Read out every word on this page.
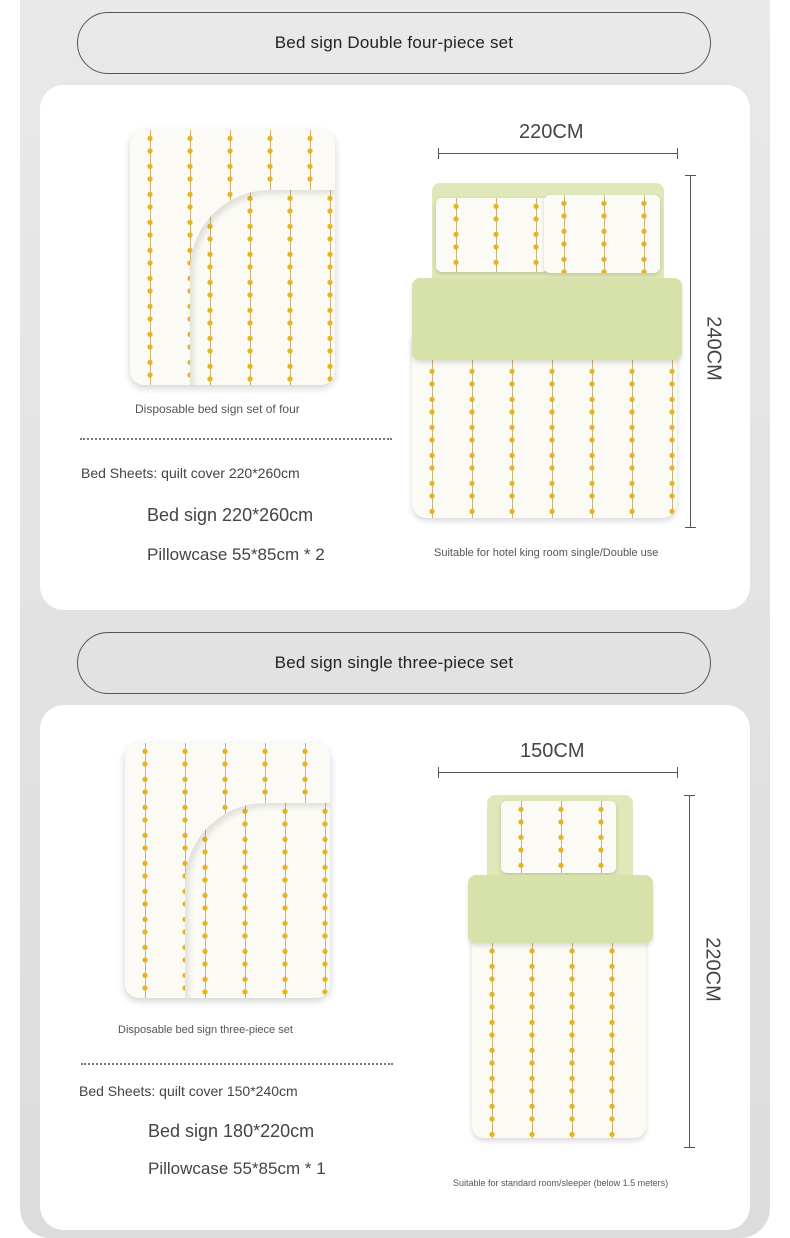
Bed sign Double four-piece set
Disposable bed sign set of four
Bed Sheets: quilt cover 220*260cm
Bed sign 220*260cm
Pillowcase 55*85cm * 2
220CM
240CM
Suitable for hotel king room single/Double use
Bed sign single three-piece set
Disposable bed sign three-piece set
Bed Sheets: quilt cover 150*240cm
Bed sign 180*220cm
Pillowcase 55*85cm * 1
150CM
220CM
Suitable for standard room/sleeper (below 1.5 meters)
